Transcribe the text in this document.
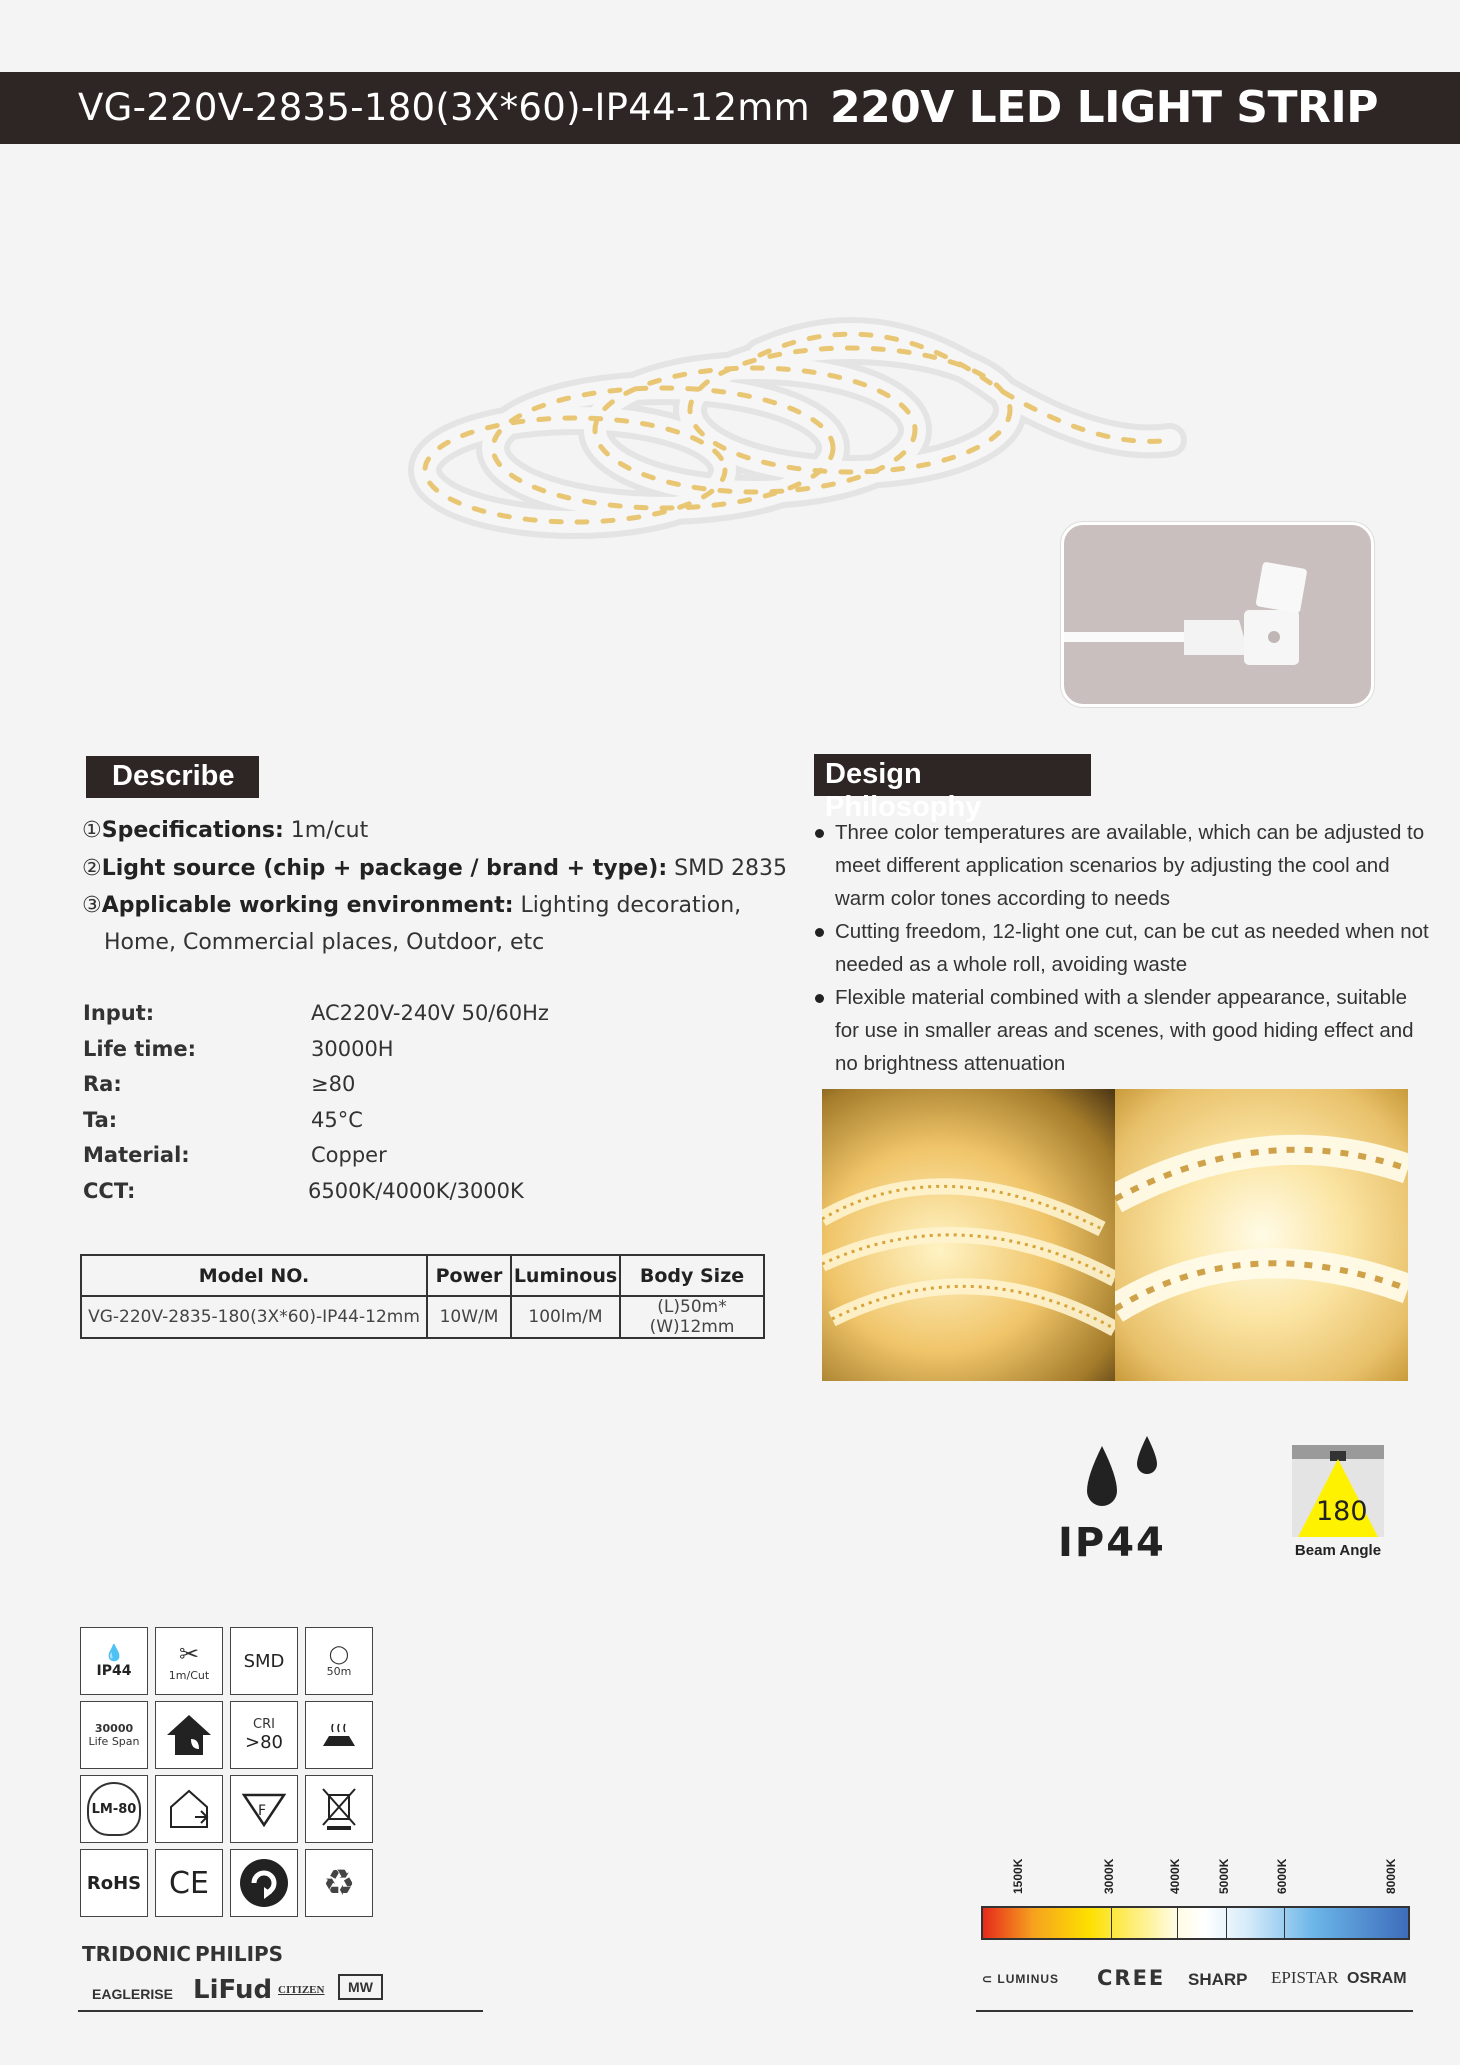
VG-220V-2835-180(3X*60)-IP44-12mm 220V LED LIGHT STRIP
Describe
①Specifications: 1m/cut
②Light source (chip + package / brand + type): SMD 2835
③Applicable working environment: Lighting decoration,
Home, Commercial places, Outdoor, etc
Input:	AC220V-240V 50/60Hz
Life time:	30000H
Ra:	≥80
Ta:	45°C
Material:	Copper
CCT:	6500K/4000K/3000K
Model NO.	Power	Luminous	Body Size
VG-220V-2835-180(3X*60)-IP44-12mm	10W/M	100lm/M	(L)50m*(W)12mm
Design Philosophy
Three color temperatures are available, which can be adjusted to meet different application scenarios by adjusting the cool and warm color tones according to needs
Cutting freedom, 12-light one cut, can be cut as needed when not needed as a whole roll, avoiding waste
Flexible material combined with a slender appearance, suitable for use in smaller areas and scenes, with good hiding effect and no brightness attenuation
IP44
180
Beam Angle
💧
IP44
✂
1m/Cut
SMD ◯
50m
30000
Life Span
CRI
>80
LM-80	F
RoHS CE	♻
TRIDONIC PHILIPS
EAGLERISE LiFud CITIZEN	MW
1500K	3000K	4000K	5000K	6000K	8000K
⊂ LUMINUS CREE SHARP EPISTAR OSRAM
